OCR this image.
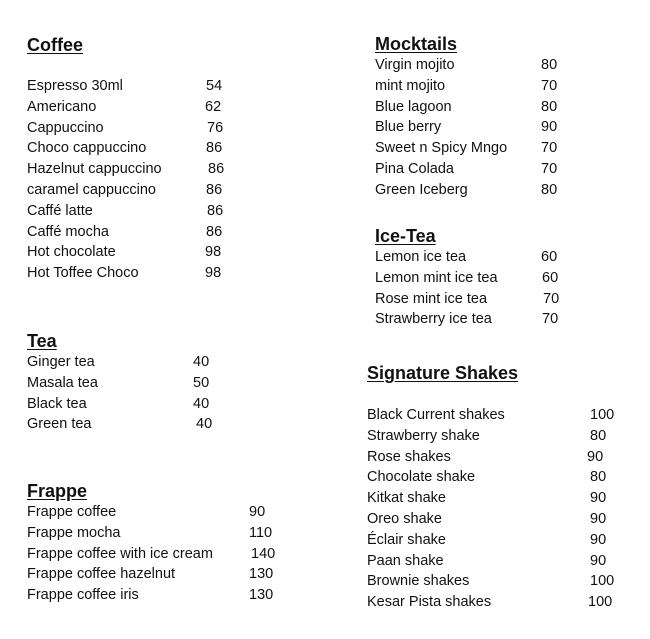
Coffee
Espresso 30ml	54
Americano	62
Cappuccino	76
Choco cappuccino	86
Hazelnut cappuccino	86
caramel cappuccino	86
Caffé latte	86
Caffé mocha	86
Hot chocolate	98
Hot Toffee Choco	98
Tea
Ginger tea	40
Masala tea	50
Black tea	40
Green tea	40
Frappe
Frappe coffee	90
Frappe mocha	110
Frappe coffee with ice cream	140
Frappe coffee hazelnut	130
Frappe coffee iris	130
Mocktails
Virgin mojito	80
mint mojito	70
Blue lagoon	80
Blue berry	90
Sweet n Spicy Mngo 70
Pina Colada	70
Green Iceberg	80
Ice-Tea
Lemon ice tea	60
Lemon mint ice tea	60
Rose mint ice tea	70
Strawberry ice tea	70
Signature Shakes
Black Current shakes	100
Strawberry shake	80
Rose shakes	90
Chocolate shake	80
Kitkat shake	90
Oreo shake	90
Éclair shake	90
Paan shake	90
Brownie shakes	100
Kesar Pista shakes	100
